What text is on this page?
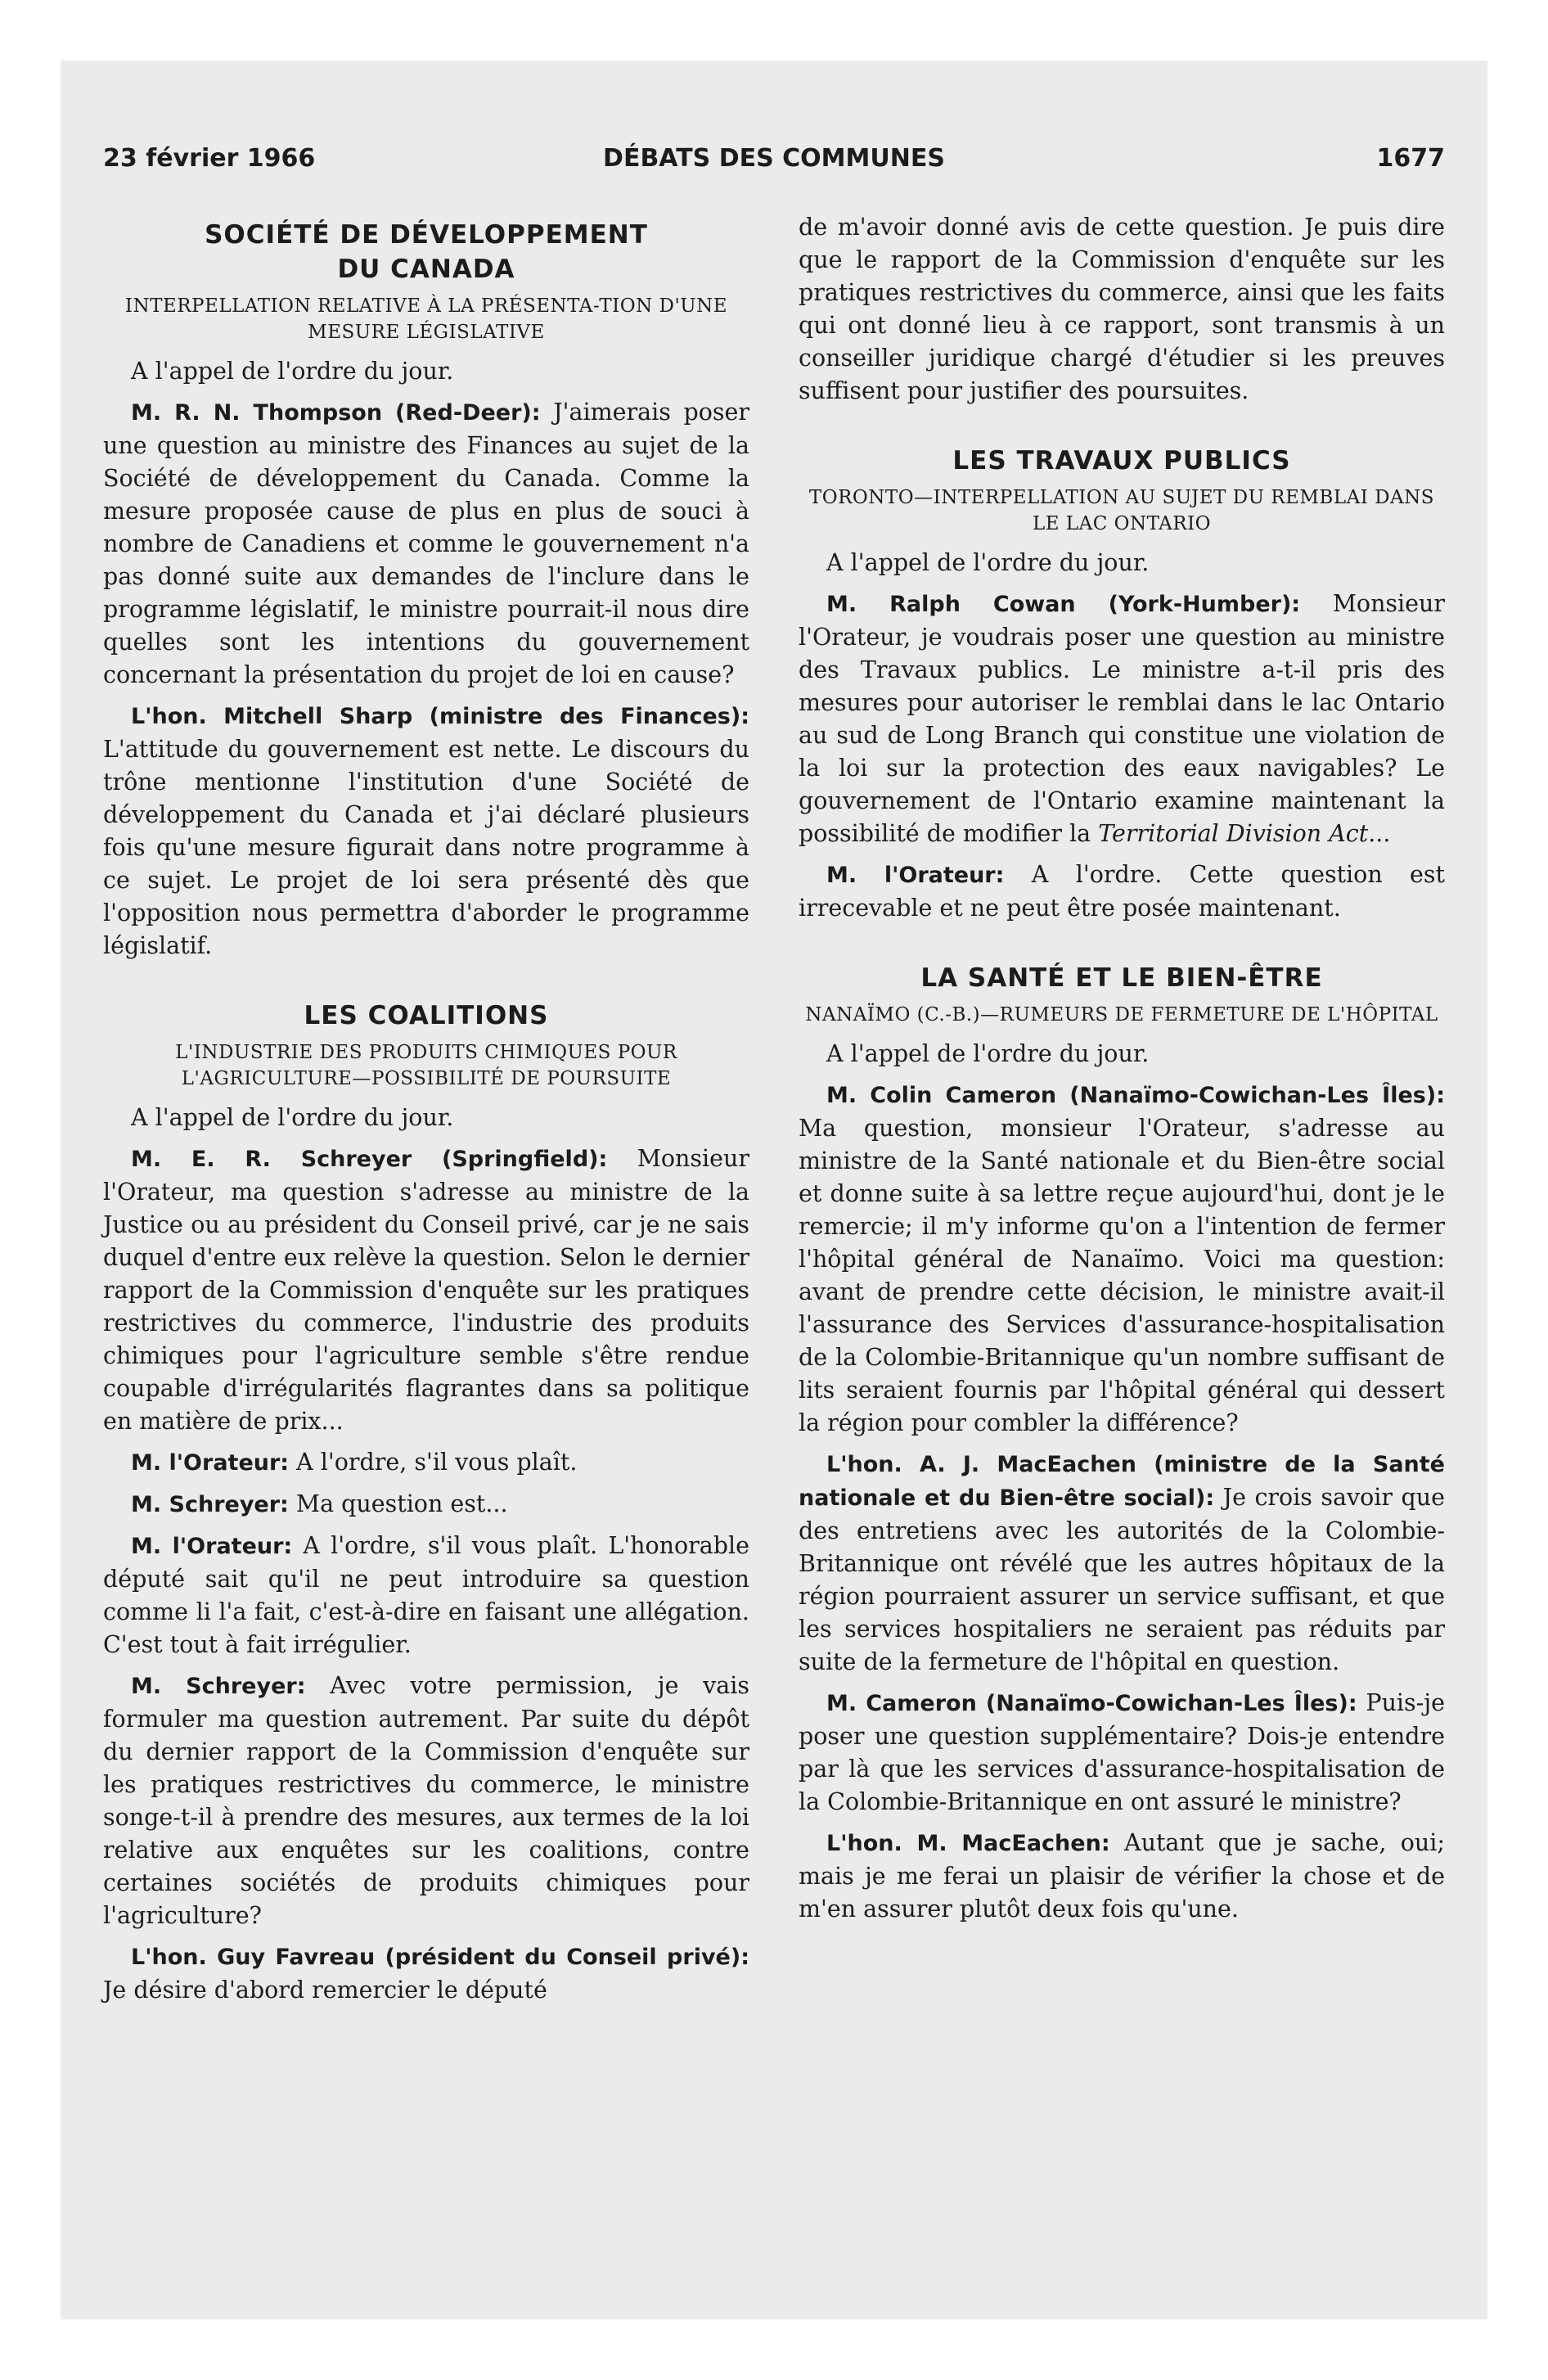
23 février 1966	DÉBATS DES COMMUNES	1677
SOCIÉTÉ DE DÉVELOPPEMENT
DU CANADA
INTERPELLATION RELATIVE À LA PRÉSENTA-TION D'UNE MESURE LÉGISLATIVE

A l'appel de l'ordre du jour.

M. R. N. Thompson (Red-Deer): J'aimerais poser une question au ministre des Finances au sujet de la Société de développement du Canada. Comme la mesure proposée cause de plus en plus de souci à nombre de Canadiens et comme le gouvernement n'a pas donné suite aux demandes de l'inclure dans le programme législatif, le ministre pourrait-il nous dire quelles sont les intentions du gouvernement concernant la présentation du projet de loi en cause?

L'hon. Mitchell Sharp (ministre des Finances): L'attitude du gouvernement est nette. Le discours du trône mentionne l'institution d'une Société de développement du Canada et j'ai déclaré plusieurs fois qu'une mesure figurait dans notre programme à ce sujet. Le projet de loi sera présenté dès que l'opposition nous permettra d'aborder le programme législatif.

LES COALITIONS
L'INDUSTRIE DES PRODUITS CHIMIQUES POUR L'AGRICULTURE—POSSIBILITÉ DE POURSUITE

A l'appel de l'ordre du jour.

M. E. R. Schreyer (Springfield): Monsieur l'Orateur, ma question s'adresse au ministre de la Justice ou au président du Conseil privé, car je ne sais duquel d'entre eux relève la question. Selon le dernier rapport de la Commission d'enquête sur les pratiques restrictives du commerce, l'industrie des produits chimiques pour l'agriculture semble s'être rendue coupable d'irrégularités flagrantes dans sa politique en matière de prix...

M. l'Orateur: A l'ordre, s'il vous plaît.

M. Schreyer: Ma question est...

M. l'Orateur: A l'ordre, s'il vous plaît. L'honorable député sait qu'il ne peut introduire sa question comme li l'a fait, c'est-à-dire en faisant une allégation. C'est tout à fait irrégulier.

M. Schreyer: Avec votre permission, je vais formuler ma question autrement. Par suite du dépôt du dernier rapport de la Commission d'enquête sur les pratiques restrictives du commerce, le ministre songe-t-il à prendre des mesures, aux termes de la loi relative aux enquêtes sur les coalitions, contre certaines sociétés de produits chimiques pour l'agriculture?

L'hon. Guy Favreau (président du Conseil privé): Je désire d'abord remercier le député

de m'avoir donné avis de cette question. Je puis dire que le rapport de la Commission d'enquête sur les pratiques restrictives du commerce, ainsi que les faits qui ont donné lieu à ce rapport, sont transmis à un conseiller juridique chargé d'étudier si les preuves suffisent pour justifier des poursuites.

LES TRAVAUX PUBLICS
TORONTO—INTERPELLATION AU SUJET DU REMBLAI DANS LE LAC ONTARIO

A l'appel de l'ordre du jour.

M. Ralph Cowan (York-Humber): Monsieur l'Orateur, je voudrais poser une question au ministre des Travaux publics. Le ministre a-t-il pris des mesures pour autoriser le remblai dans le lac Ontario au sud de Long Branch qui constitue une violation de la loi sur la protection des eaux navigables? Le gouvernement de l'Ontario examine maintenant la possibilité de modifier la Territorial Division Act...

M. l'Orateur: A l'ordre. Cette question est irrecevable et ne peut être posée maintenant.

LA SANTÉ ET LE BIEN-ÊTRE
NANAÏMO (C.-B.)—RUMEURS DE FERMETURE DE L'HÔPITAL

A l'appel de l'ordre du jour.

M. Colin Cameron (Nanaïmo-Cowichan-Les Îles): Ma question, monsieur l'Orateur, s'adresse au ministre de la Santé nationale et du Bien-être social et donne suite à sa lettre reçue aujourd'hui, dont je le remercie; il m'y informe qu'on a l'intention de fermer l'hôpital général de Nanaïmo. Voici ma question: avant de prendre cette décision, le ministre avait-il l'assurance des Services d'assurance-hospitalisation de la Colombie-Britannique qu'un nombre suffisant de lits seraient fournis par l'hôpital général qui dessert la région pour combler la différence?

L'hon. A. J. MacEachen (ministre de la Santé nationale et du Bien-être social): Je crois savoir que des entretiens avec les autorités de la Colombie-Britannique ont révélé que les autres hôpitaux de la région pourraient assurer un service suffisant, et que les services hospitaliers ne seraient pas réduits par suite de la fermeture de l'hôpital en question.

M. Cameron (Nanaïmo-Cowichan-Les Îles): Puis-je poser une question supplémentaire? Dois-je entendre par là que les services d'assurance-hospitalisation de la Colombie-Britannique en ont assuré le ministre?

L'hon. M. MacEachen: Autant que je sache, oui; mais je me ferai un plaisir de vérifier la chose et de m'en assurer plutôt deux fois qu'une.
